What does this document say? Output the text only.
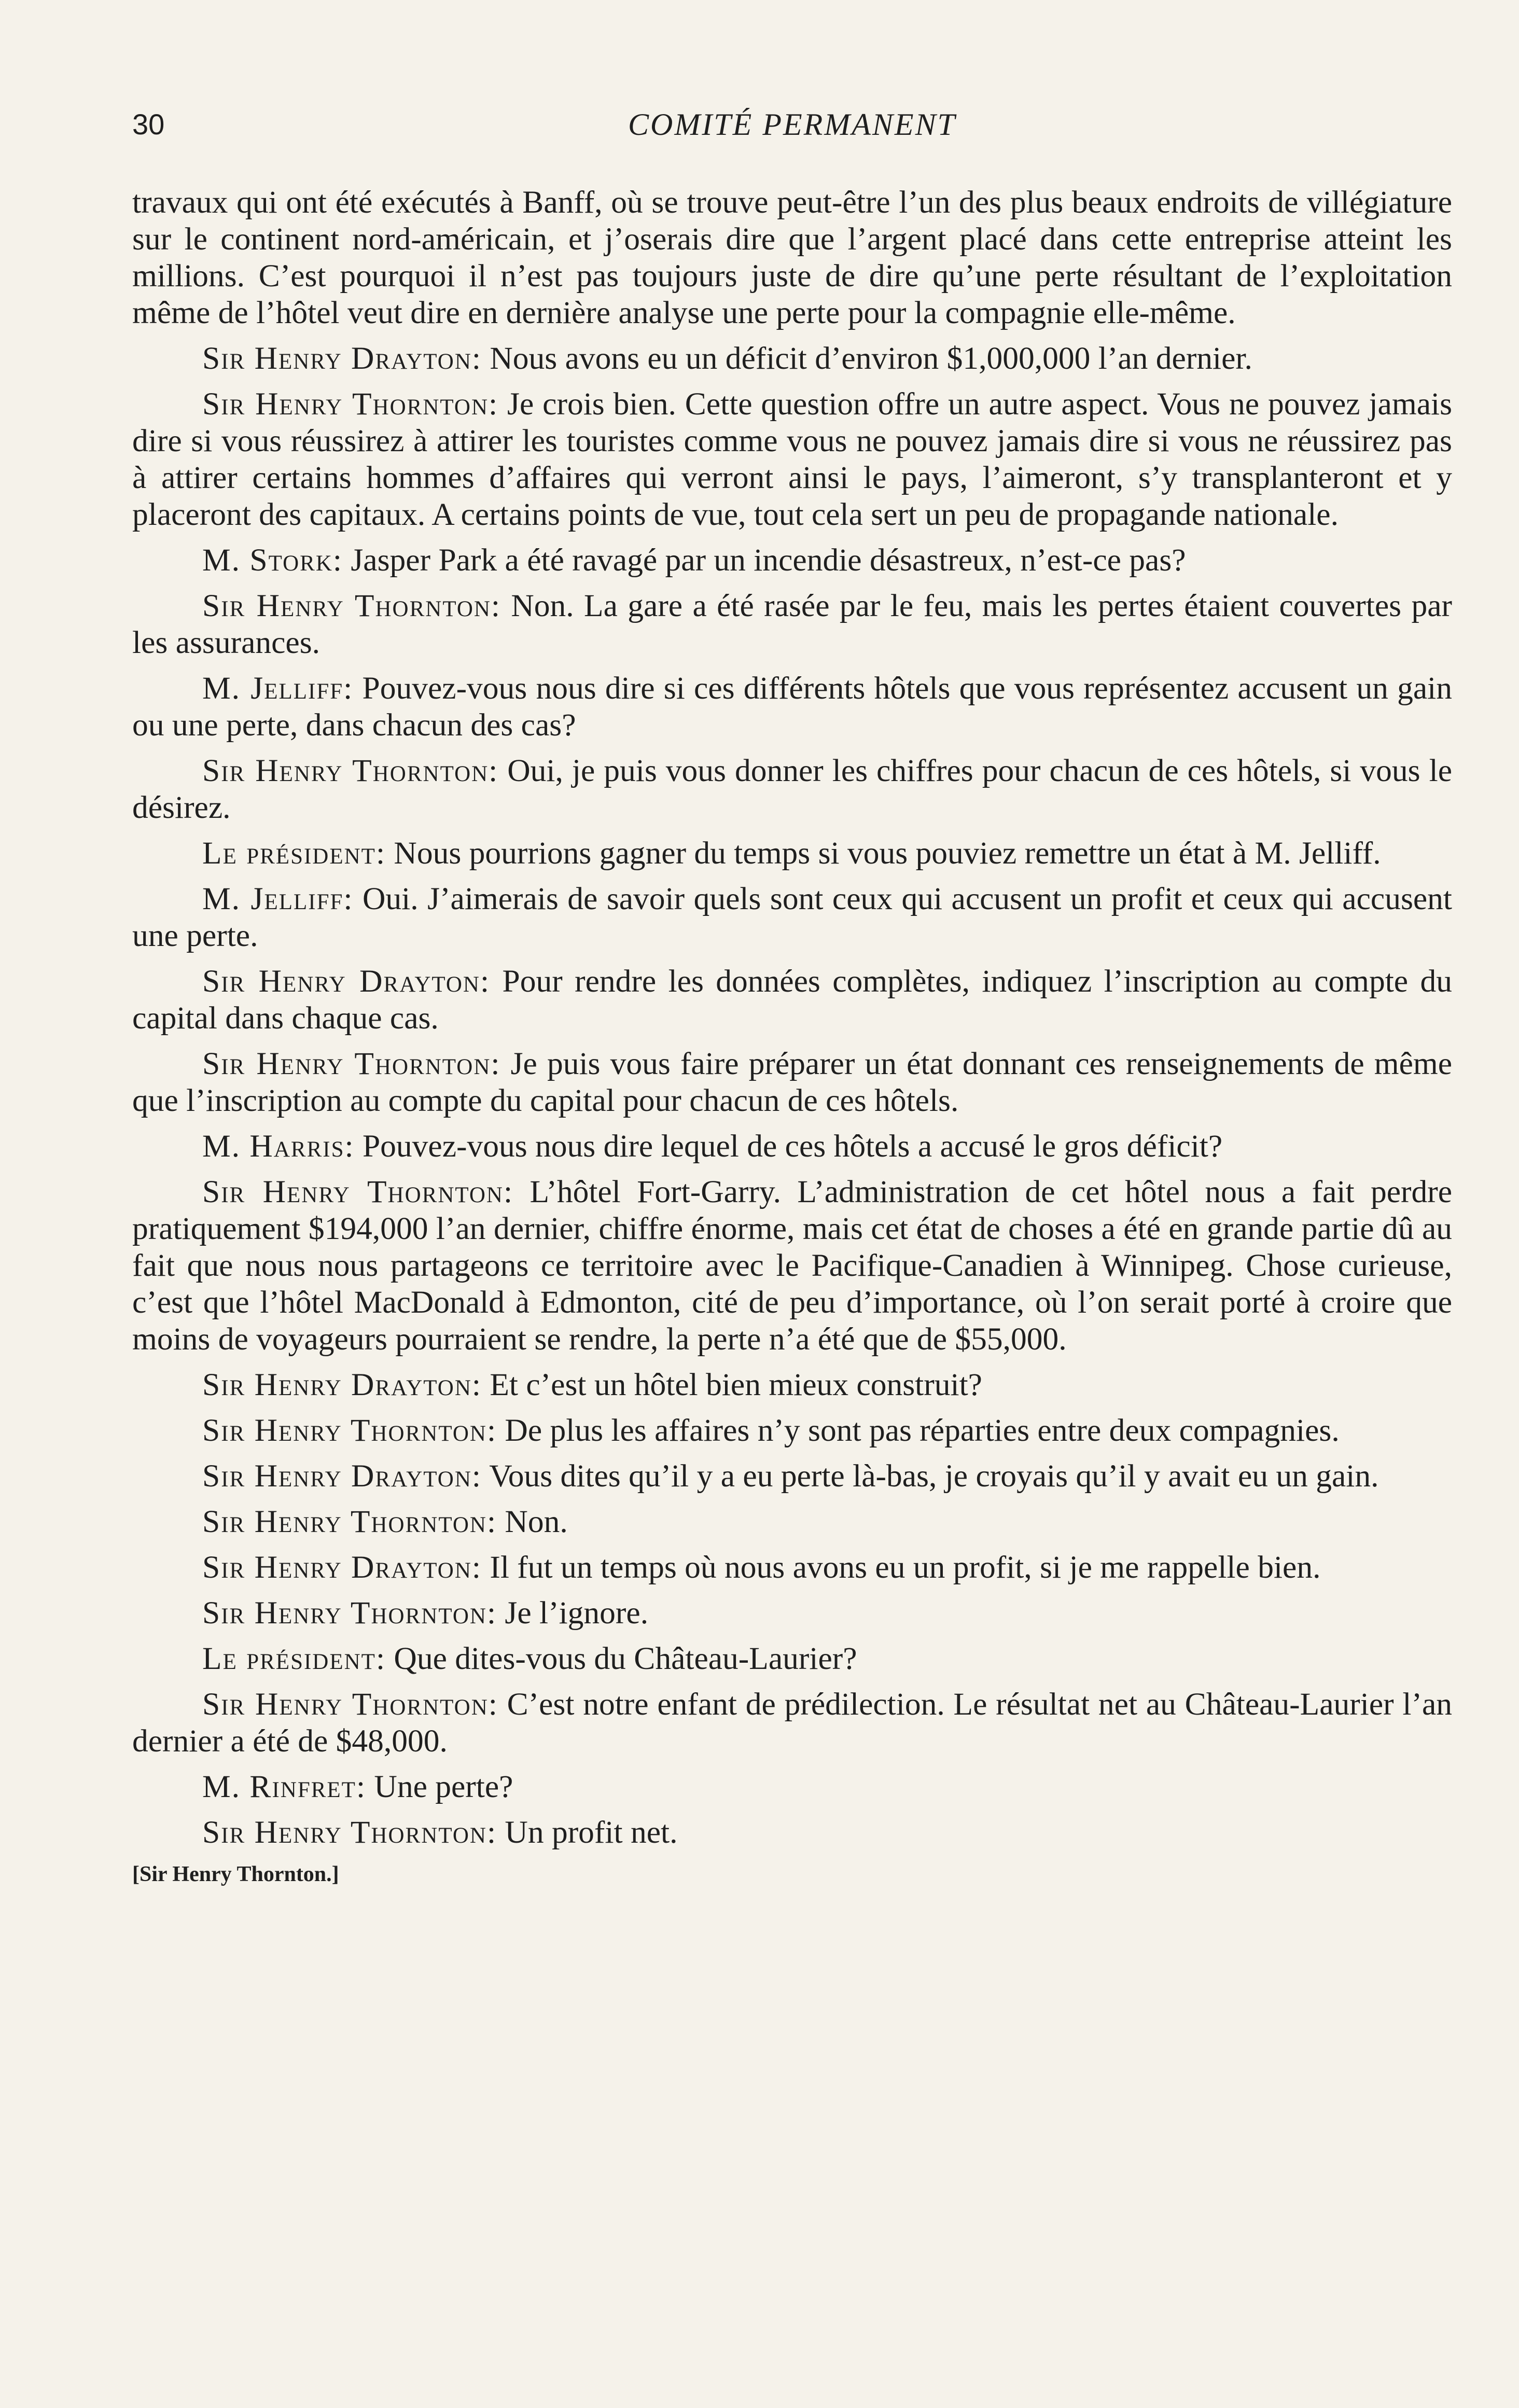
30	COMITÉ PERMANENT

travaux qui ont été exécutés à Banff, où se trouve peut-être l’un des plus beaux endroits de villégiature sur le continent nord-américain, et j’oserais dire que l’argent placé dans cette entreprise atteint les millions. C’est pourquoi il n’est pas toujours juste de dire qu’une perte résultant de l’exploitation même de l’hôtel veut dire en dernière analyse une perte pour la compagnie elle-même.

Sir Henry Drayton: Nous avons eu un déficit d’environ $1,000,000 l’an dernier.

Sir Henry Thornton: Je crois bien. Cette question offre un autre aspect. Vous ne pouvez jamais dire si vous réussirez à attirer les touristes comme vous ne pouvez jamais dire si vous ne réussirez pas à attirer certains hommes d’affaires qui verront ainsi le pays, l’aimeront, s’y transplanteront et y placeront des capitaux. A certains points de vue, tout cela sert un peu de propagande nationale.

M. Stork: Jasper Park a été ravagé par un incendie désastreux, n’est-ce pas?

Sir Henry Thornton: Non. La gare a été rasée par le feu, mais les pertes étaient couvertes par les assurances.

M. Jelliff: Pouvez-vous nous dire si ces différents hôtels que vous représentez accusent un gain ou une perte, dans chacun des cas?

Sir Henry Thornton: Oui, je puis vous donner les chiffres pour chacun de ces hôtels, si vous le désirez.

Le président: Nous pourrions gagner du temps si vous pouviez remettre un état à M. Jelliff.

M. Jelliff: Oui. J’aimerais de savoir quels sont ceux qui accusent un profit et ceux qui accusent une perte.

Sir Henry Drayton: Pour rendre les données complètes, indiquez l’inscription au compte du capital dans chaque cas.

Sir Henry Thornton: Je puis vous faire préparer un état donnant ces renseignements de même que l’inscription au compte du capital pour chacun de ces hôtels.

M. Harris: Pouvez-vous nous dire lequel de ces hôtels a accusé le gros déficit?

Sir Henry Thornton: L’hôtel Fort-Garry. L’administration de cet hôtel nous a fait perdre pratiquement $194,000 l’an dernier, chiffre énorme, mais cet état de choses a été en grande partie dû au fait que nous nous partageons ce territoire avec le Pacifique-Canadien à Winnipeg. Chose curieuse, c’est que l’hôtel MacDonald à Edmonton, cité de peu d’importance, où l’on serait porté à croire que moins de voyageurs pourraient se rendre, la perte n’a été que de $55,000.

Sir Henry Drayton: Et c’est un hôtel bien mieux construit?

Sir Henry Thornton: De plus les affaires n’y sont pas réparties entre deux compagnies.

Sir Henry Drayton: Vous dites qu’il y a eu perte là-bas, je croyais qu’il y avait eu un gain.

Sir Henry Thornton: Non.

Sir Henry Drayton: Il fut un temps où nous avons eu un profit, si je me rappelle bien.

Sir Henry Thornton: Je l’ignore.

Le président: Que dites-vous du Château-Laurier?

Sir Henry Thornton: C’est notre enfant de prédilection. Le résultat net au Château-Laurier l’an dernier a été de $48,000.

M. Rinfret: Une perte?

Sir Henry Thornton: Un profit net.

[Sir Henry Thornton.]
